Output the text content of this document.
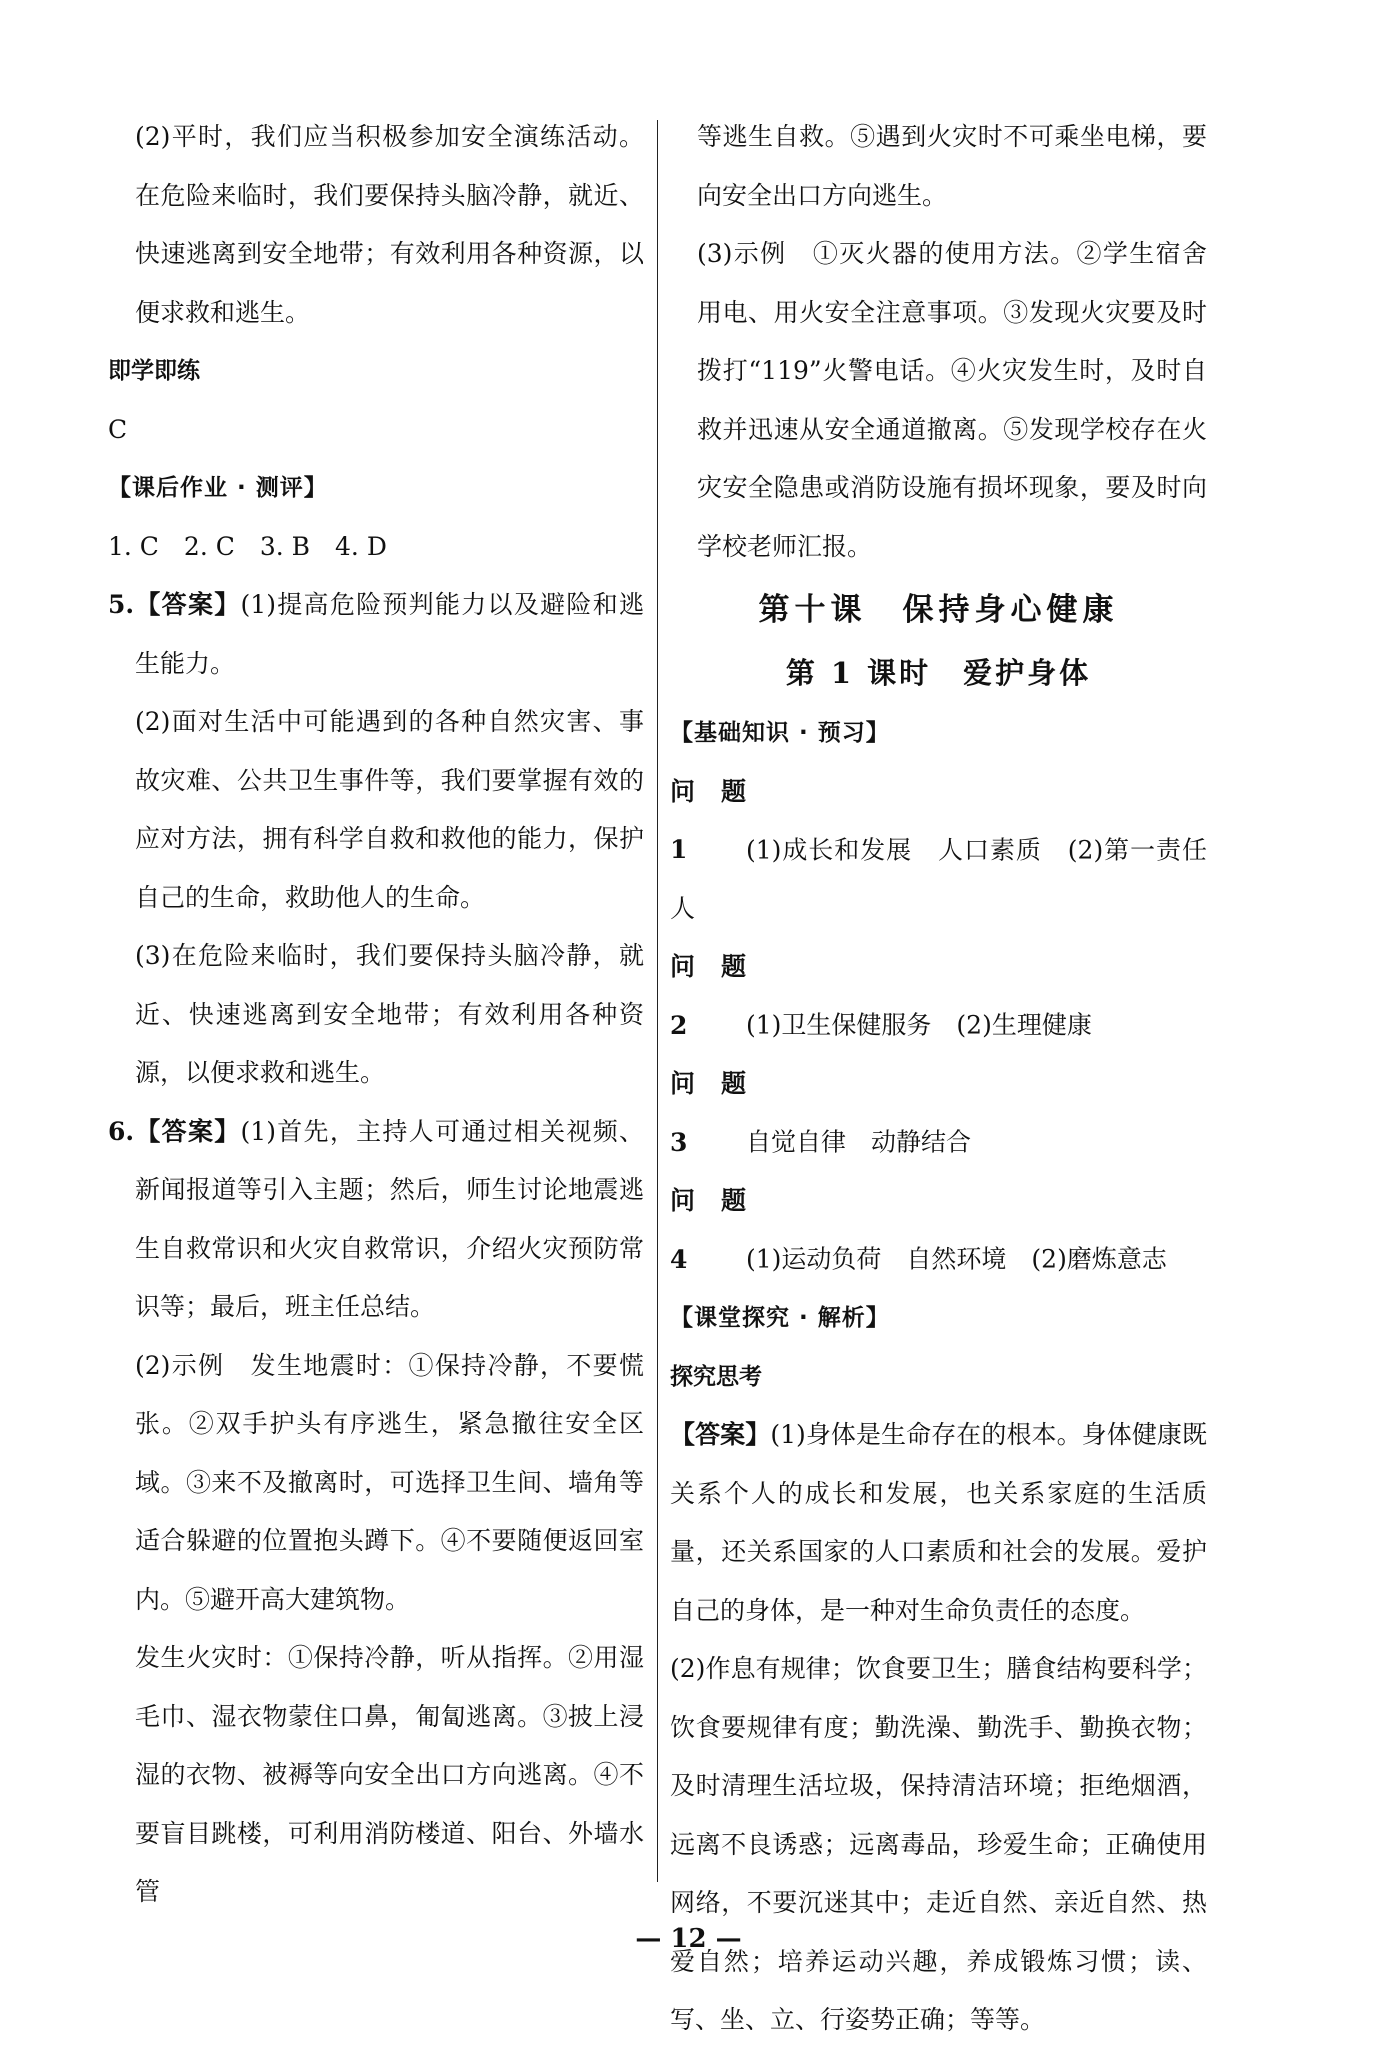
(2)平时，我们应当积极参加安全演练活动。在危险来临时，我们要保持头脑冷静，就近、快速逃离到安全地带；有效利用各种资源，以便求救和逃生。

即学即练

C

【课后作业 · 测评】

1. C　2. C　3. B　4. D

5.【答案】(1)提高危险预判能力以及避险和逃生能力。

(2)面对生活中可能遇到的各种自然灾害、事故灾难、公共卫生事件等，我们要掌握有效的应对方法，拥有科学自救和救他的能力，保护自己的生命，救助他人的生命。

(3)在危险来临时，我们要保持头脑冷静，就近、快速逃离到安全地带；有效利用各种资源，以便求救和逃生。

6.【答案】(1)首先，主持人可通过相关视频、新闻报道等引入主题；然后，师生讨论地震逃生自救常识和火灾自救常识，介绍火灾预防常识等；最后，班主任总结。

(2)示例　发生地震时：①保持冷静，不要慌张。②双手护头有序逃生，紧急撤往安全区域。③来不及撤离时，可选择卫生间、墙角等适合躲避的位置抱头蹲下。④不要随便返回室内。⑤避开高大建筑物。

发生火灾时：①保持冷静，听从指挥。②用湿毛巾、湿衣物蒙住口鼻，匍匐逃离。③披上浸湿的衣物、被褥等向安全出口方向逃离。④不要盲目跳楼，可利用消防楼道、阳台、外墙水管

等逃生自救。⑤遇到火灾时不可乘坐电梯，要向安全出口方向逃生。

(3)示例　①灭火器的使用方法。②学生宿舍用电、用火安全注意事项。③发现火灾要及时拨打“119”火警电话。④火灾发生时，及时自救并迅速从安全通道撤离。⑤发现学校存在火灾安全隐患或消防设施有损坏现象，要及时向学校老师汇报。

第十课　保持身心健康

第 1 课时　爱护身体

【基础知识 · 预习】

问题 1 (1)成长和发展　人口素质　(2)第一责任人

问题 2 (1)卫生保健服务　(2)生理健康

问题 3 自觉自律　动静结合

问题 4 (1)运动负荷　自然环境　(2)磨炼意志

【课堂探究 · 解析】

探究思考

【答案】(1)身体是生命存在的根本。身体健康既关系个人的成长和发展，也关系家庭的生活质量，还关系国家的人口素质和社会的发展。爱护自己的身体，是一种对生命负责任的态度。

(2)作息有规律；饮食要卫生；膳食结构要科学；饮食要规律有度；勤洗澡、勤洗手、勤换衣物；及时清理生活垃圾，保持清洁环境；拒绝烟酒，远离不良诱惑；远离毒品，珍爱生命；正确使用网络，不要沉迷其中；走近自然、亲近自然、热爱自然；培养运动兴趣，养成锻炼习惯；读、写、坐、立、行姿势正确；等等。

— 12 —
